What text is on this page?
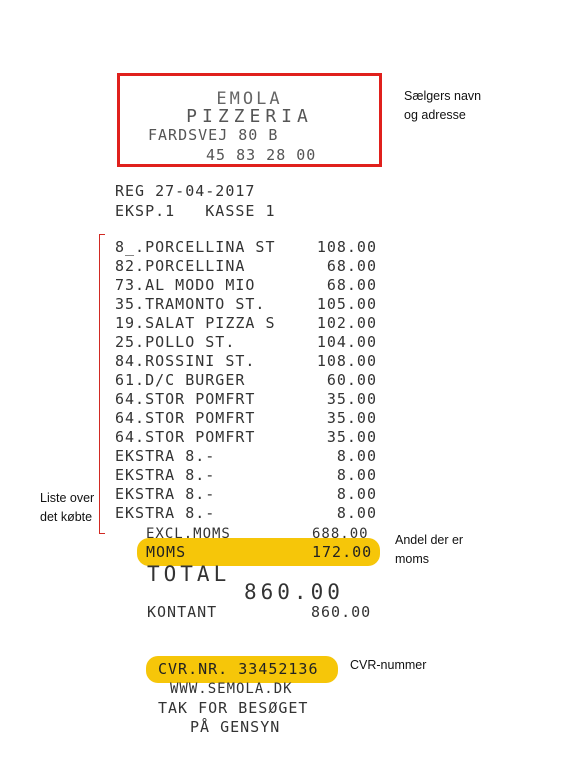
EMOLA
PIZZERIA
FARDSVEJ 80 B
45 83 28 00
REG 27-04-2017
EKSP.1   KASSE 1
8_.PORCELLINA ST	108.00
82.PORCELLINA	68.00
73.AL MODO MIO	68.00
35.TRAMONTO ST.	105.00
19.SALAT PIZZA S	102.00
25.POLLO ST.	104.00
84.ROSSINI ST.	108.00
61.D/C BURGER	60.00
64.STOR POMFRT	35.00
64.STOR POMFRT	35.00
64.STOR POMFRT	35.00
EKSTRA 8.-	8.00
EKSTRA 8.-	8.00
EKSTRA 8.-	8.00
EKSTRA 8.-	8.00
EXCL.MOMS	688.00
MOMS	172.00
TOTAL
860.00
KONTANT	860.00
CVR.NR. 33452136
WWW.SEMOLA.DK
TAK FOR BESØGET
PÅ GENSYN
Sælgers navn
og adresse
Liste over
det købte
Andel der er
moms
CVR-nummer
